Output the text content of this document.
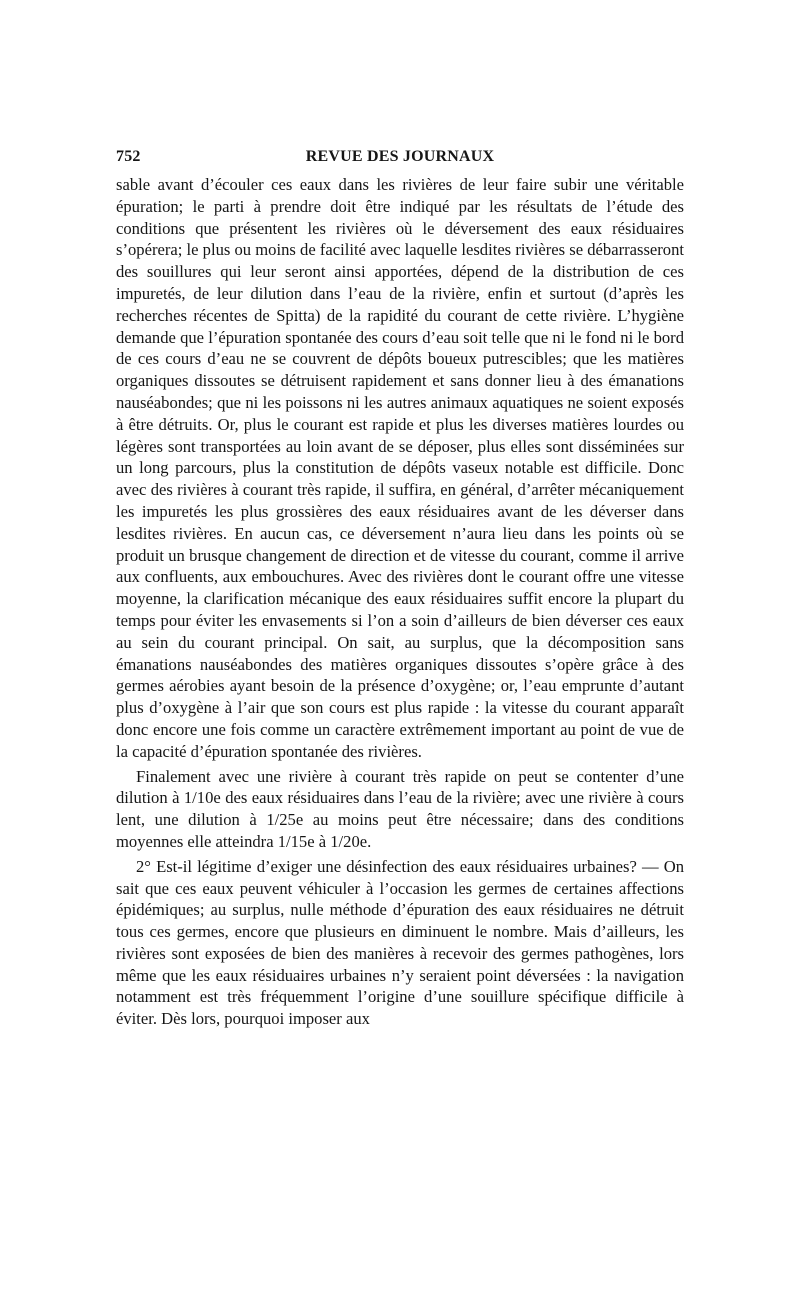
REVUE DES JOURNAUX
752

sable avant d’écouler ces eaux dans les rivières de leur faire subir une véritable épuration; le parti à prendre doit être indiqué par les résultats de l’étude des conditions que présentent les rivières où le déversement des eaux résiduaires s’opérera; le plus ou moins de facilité avec laquelle lesdites rivières se débarrasseront des souillures qui leur seront ainsi apportées, dépend de la distribution de ces impuretés, de leur dilution dans l’eau de la rivière, enfin et surtout (d’après les recherches récentes de Spitta) de la rapidité du courant de cette rivière. L’hygiène demande que l’épuration spontanée des cours d’eau soit telle que ni le fond ni le bord de ces cours d’eau ne se couvrent de dépôts boueux putrescibles; que les matières organiques dissoutes se détruisent rapidement et sans donner lieu à des émanations nauséabondes; que ni les poissons ni les autres animaux aquatiques ne soient exposés à être détruits. Or, plus le courant est rapide et plus les diverses matières lourdes ou légères sont transportées au loin avant de se déposer, plus elles sont disséminées sur un long parcours, plus la constitution de dépôts vaseux notable est difficile. Donc avec des rivières à courant très rapide, il suffira, en général, d’arrêter mécaniquement les impuretés les plus grossières des eaux résiduaires avant de les déverser dans lesdites rivières. En aucun cas, ce déversement n’aura lieu dans les points où se produit un brusque changement de direction et de vitesse du courant, comme il arrive aux confluents, aux embouchures. Avec des rivières dont le courant offre une vitesse moyenne, la clarification mécanique des eaux résiduaires suffit encore la plupart du temps pour éviter les envasements si l’on a soin d’ailleurs de bien déverser ces eaux au sein du courant principal. On sait, au surplus, que la décomposition sans émanations nauséabondes des matières organiques dissoutes s’opère grâce à des germes aérobies ayant besoin de la présence d’oxygène; or, l’eau emprunte d’autant plus d’oxygène à l’air que son cours est plus rapide : la vitesse du courant apparaît donc encore une fois comme un caractère extrêmement important au point de vue de la capacité d’épuration spontanée des rivières.

Finalement avec une rivière à courant très rapide on peut se contenter d’une dilution à 1/10e des eaux résiduaires dans l’eau de la rivière; avec une rivière à cours lent, une dilution à 1/25e au moins peut être nécessaire; dans des conditions moyennes elle atteindra 1/15e à 1/20e.

2° Est-il légitime d’exiger une désinfection des eaux résiduaires urbaines? — On sait que ces eaux peuvent véhiculer à l’occasion les germes de certaines affections épidémiques; au surplus, nulle méthode d’épuration des eaux résiduaires ne détruit tous ces germes, encore que plusieurs en diminuent le nombre. Mais d’ailleurs, les rivières sont exposées de bien des manières à recevoir des germes pathogènes, lors même que les eaux résiduaires urbaines n’y seraient point déversées : la navigation notamment est très fréquemment l’origine d’une souillure spécifique difficile à éviter. Dès lors, pourquoi imposer aux
